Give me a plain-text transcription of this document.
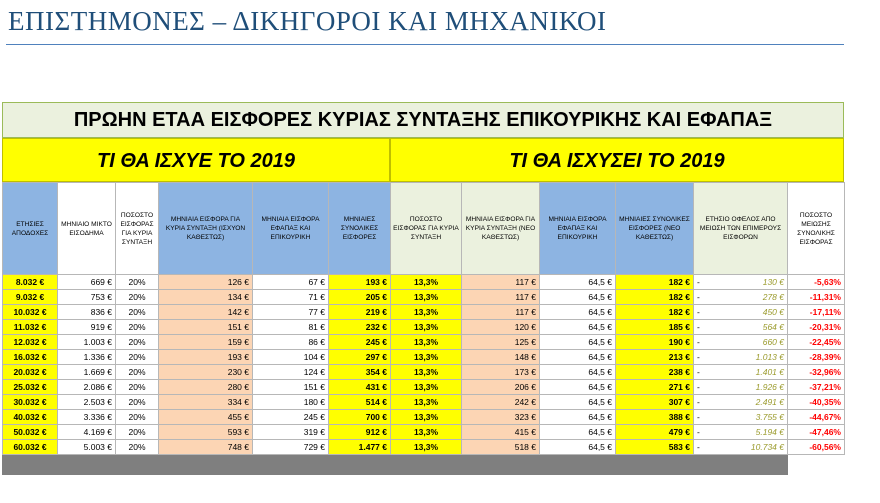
ΕΠΙΣΤΗΜΟΝΕΣ – ΔΙΚΗΓΟΡΟΙ ΚΑΙ ΜΗΧΑΝΙΚΟΙ
ΠΡΩΗΝ ΕΤΑΑ ΕΙΣΦΟΡΕΣ ΚΥΡΙΑΣ ΣΥΝΤΑΞΗΣ ΕΠΙΚΟΥΡΙΚΗΣ ΚΑΙ ΕΦΑΠΑΞ
ΤΙ ΘΑ ΙΣΧΥΕ ΤΟ 2019	ΤΙ ΘΑ ΙΣΧΥΣΕΙ ΤΟ 2019
ΕΤΗΣΙΕΣ ΑΠΟΔΟΧΕΣ	ΜΗΝΙΑΙΟ ΜΙΚΤΟ ΕΙΣΟΔΗΜΑ	ΠΟΣΟΣΤΟ ΕΙΣΦΟΡΑΣ ΓΙΑ ΚΥΡΙΑ ΣΥΝΤΑΞΗ	ΜΗΝΙΑΙΑ ΕΙΣΦΟΡΑ ΓΙΑ ΚΥΡΙΑ ΣΥΝΤΑΞΗ (ΙΣΧΥΟΝ ΚΑΘΕΣΤΩΣ)	ΜΗΝΙΑΙΑ ΕΙΣΦΟΡΑ ΕΦΑΠΑΞ ΚΑΙ ΕΠΙΚΟΥΡΙΚΗ	ΜΗΝΙΑΙΕΣ ΣΥΝΟΛΙΚΕΣ ΕΙΣΦΟΡΕΣ	ΠΟΣΟΣΤΟ ΕΙΣΦΟΡΑΣ ΓΙΑ ΚΥΡΙΑ ΣΥΝΤΑΞΗ	ΜΗΝΙΑΙΑ ΕΙΣΦΟΡΑ ΓΙΑ ΚΥΡΙΑ ΣΥΝΤΑΞΗ (ΝΕΟ ΚΑΘΕΣΤΩΣ)	ΜΗΝΙΑΙΑ ΕΙΣΦΟΡΑ ΕΦΑΠΑΞ ΚΑΙ ΕΠΙΚΟΥΡΙΚΗ	ΜΗΝΙΑΙΕΣ ΣΥΝΟΛΙΚΕΣ ΕΙΣΦΟΡΕΣ (ΝΕΟ ΚΑΘΕΣΤΩΣ)	ΕΤΗΣΙΟ ΟΦΕΛΟΣ ΑΠΟ ΜΕΙΩΣΗ ΤΩΝ ΕΠΙΜΕΡΟΥΣ ΕΙΣΦΟΡΩΝ	ΠΟΣΟΣΤΟ ΜΕΙΩΣΗΣ ΣΥΝΟΛΙΚΗΣ ΕΙΣΦΟΡΑΣ
8.032 €	669 €	20%	126 €	67 €	193 €	13,3%	117 €	64,5 €	182 €	- 130 €	-5,63%
9.032 €	753 €	20%	134 €	71 €	205 €	13,3%	117 €	64,5 €	182 €	- 278 €	-11,31%
10.032 €	836 €	20%	142 €	77 €	219 €	13,3%	117 €	64,5 €	182 €	- 450 €	-17,11%
11.032 €	919 €	20%	151 €	81 €	232 €	13,3%	120 €	64,5 €	185 €	- 564 €	-20,31%
12.032 €	1.003 €	20%	159 €	86 €	245 €	13,3%	125 €	64,5 €	190 €	- 660 €	-22,45%
16.032 €	1.336 €	20%	193 €	104 €	297 €	13,3%	148 €	64,5 €	213 €	- 1.013 €	-28,39%
20.032 €	1.669 €	20%	230 €	124 €	354 €	13,3%	173 €	64,5 €	238 €	- 1.401 €	-32,96%
25.032 €	2.086 €	20%	280 €	151 €	431 €	13,3%	206 €	64,5 €	271 €	- 1.926 €	-37,21%
30.032 €	2.503 €	20%	334 €	180 €	514 €	13,3%	242 €	64,5 €	307 €	- 2.491 €	-40,35%
40.032 €	3.336 €	20%	455 €	245 €	700 €	13,3%	323 €	64,5 €	388 €	- 3.755 €	-44,67%
50.032 €	4.169 €	20%	593 €	319 €	912 €	13,3%	415 €	64,5 €	479 €	- 5.194 €	-47,46%
60.032 €	5.003 €	20%	748 €	729 €	1.477 €	13,3%	518 €	64,5 €	583 €	- 10.734 €	-60,56%
